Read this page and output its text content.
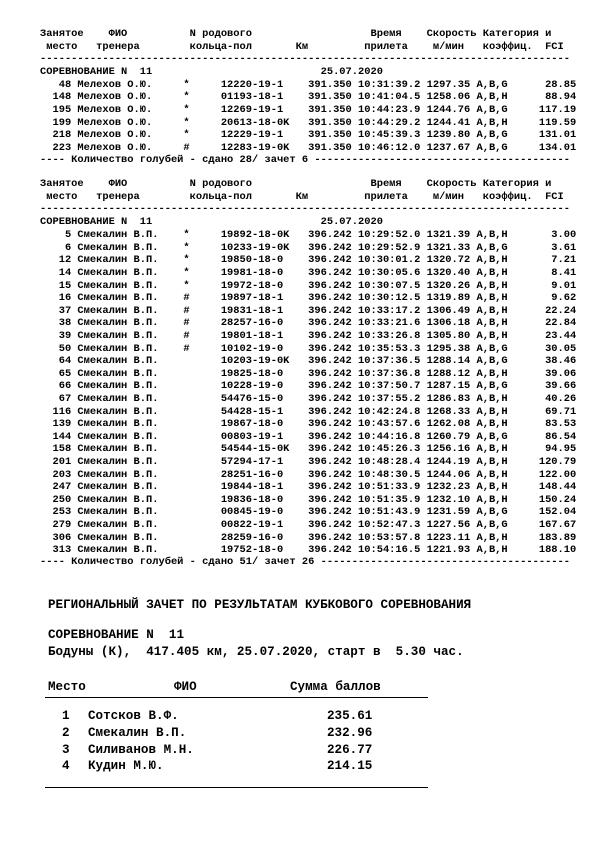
Занятое    ФИО          N родового                   Время    Скорость Категория и
место   тренера        кольца-пол       Км         прилета    м/мин   коэффиц.  FCI
-------------------------------------------------------------------------------------
СОРЕВНОВАНИЕ N  11                           25.07.2020
48 Мелехов О.Ю.     *     12220-19-1    391.350 10:31:39.2 1297.35 A,B,G      28.85
148 Мелехов О.Ю.     *     01193-18-1    391.350 10:41:04.5 1258.06 A,B,H      88.94
195 Мелехов О.Ю.     *     12269-19-1    391.350 10:44:23.9 1244.76 A,B,G     117.19
199 Мелехов О.Ю.     *     20613-18-0K   391.350 10:44:29.2 1244.41 A,B,H     119.59
218 Мелехов О.Ю.     *     12229-19-1    391.350 10:45:39.3 1239.80 A,B,G     131.01
223 Мелехов О.Ю.     #     12283-19-0K   391.350 10:46:12.0 1237.67 A,B,G     134.01
---- Количество голубей - сдано 28/ зачет 6 -----------------------------------------
Занятое    ФИО          N родового                   Время    Скорость Категория и
место   тренера        кольца-пол       Км         прилета    м/мин   коэффиц.  FCI
-------------------------------------------------------------------------------------
СОРЕВНОВАНИЕ N  11                           25.07.2020
5 Смекалин В.П.    *     19892-18-0K   396.242 10:29:52.0 1321.39 A,B,H       3.00
6 Смекалин В.П.    *     10233-19-0K   396.242 10:29:52.9 1321.33 A,B,G       3.61
12 Смекалин В.П.    *     19850-18-0    396.242 10:30:01.2 1320.72 A,B,H       7.21
14 Смекалин В.П.    *     19981-18-0    396.242 10:30:05.6 1320.40 A,B,H       8.41
15 Смекалин В.П.    *     19972-18-0    396.242 10:30:07.5 1320.26 A,B,H       9.01
16 Смекалин В.П.    #     19897-18-1    396.242 10:30:12.5 1319.89 A,B,H       9.62
37 Смекалин В.П.    #     19831-18-1    396.242 10:33:17.2 1306.49 A,B,H      22.24
38 Смекалин В.П.    #     28257-16-0    396.242 10:33:21.6 1306.18 A,B,H      22.84
39 Смекалин В.П.    #     19801-18-1    396.242 10:33:26.8 1305.80 A,B,H      23.44
50 Смекалин В.П.    #     10102-19-0    396.242 10:35:53.3 1295.38 A,B,G      30.05
64 Смекалин В.П.          10203-19-0K   396.242 10:37:36.5 1288.14 A,B,G      38.46
65 Смекалин В.П.          19825-18-0    396.242 10:37:36.8 1288.12 A,B,H      39.06
66 Смекалин В.П.          10228-19-0    396.242 10:37:50.7 1287.15 A,B,G      39.66
67 Смекалин В.П.          54476-15-0    396.242 10:37:55.2 1286.83 A,B,H      40.26
116 Смекалин В.П.          54428-15-1    396.242 10:42:24.8 1268.33 A,B,H      69.71
139 Смекалин В.П.          19867-18-0    396.242 10:43:57.6 1262.08 A,B,H      83.53
144 Смекалин В.П.          00803-19-1    396.242 10:44:16.8 1260.79 A,B,G      86.54
158 Смекалин В.П.          54544-15-0K   396.242 10:45:26.3 1256.16 A,B,H      94.95
201 Смекалин В.П.          57294-17-1    396.242 10:48:28.4 1244.19 A,B,H     120.79
203 Смекалин В.П.          28251-16-0    396.242 10:48:30.5 1244.06 A,B,H     122.00
247 Смекалин В.П.          19844-18-1    396.242 10:51:33.9 1232.23 A,B,H     148.44
250 Смекалин В.П.          19836-18-0    396.242 10:51:35.9 1232.10 A,B,H     150.24
253 Смекалин В.П.          00845-19-0    396.242 10:51:43.9 1231.59 A,B,G     152.04
279 Смекалин В.П.          00822-19-1    396.242 10:52:47.3 1227.56 A,B,G     167.67
306 Смекалин В.П.          28259-16-0    396.242 10:53:57.8 1223.11 A,B,H     183.89
313 Смекалин В.П.          19752-18-0    396.242 10:54:16.5 1221.93 A,B,H     188.10
---- Количество голубей - сдано 51/ зачет 26 ----------------------------------------
РЕГИОНАЛЬНЫЙ ЗАЧЕТ ПО РЕЗУЛЬТАТАМ КУБКОВОГО СОРЕВНОВАНИЯ
СОРЕВНОВАНИЕ N  11
Бодуны (К),  417.405 км, 25.07.2020, старт в  5.30 час.
Место	ФИО	Сумма баллов
1 Сотсков В.Ф.	235.61
2 Смекалин В.П.	232.96
3 Силиванов М.Н.	226.77
4 Кудин М.Ю.	214.15
